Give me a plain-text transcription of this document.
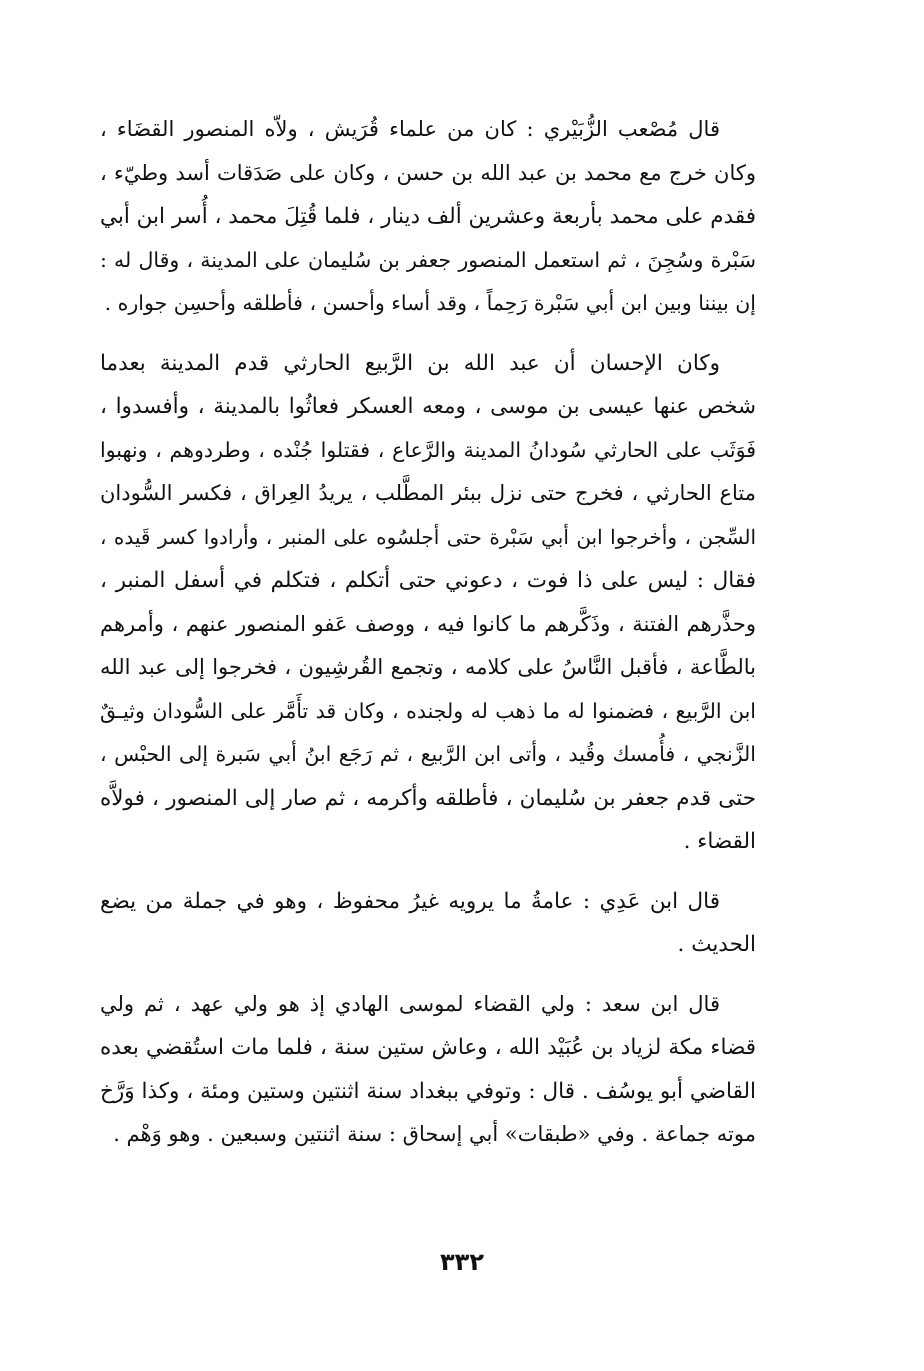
قال مُصْعب الزُّبَيْري : كان من علماء قُرَيش ، ولاّه المنصور القضَاء ،
وكان خرج مع محمد بن عبد الله بن حسن ، وكان على صَدَقات أسد وطيّء ،
فقدم على محمد بأربعة وعشرين ألف دينار ، فلما قُتِلَ محمد ، أُسر ابن أبي
سَبْرة وسُجِنَ ، ثم استعمل المنصور جعفر بن سُليمان على المدينة ، وقال له :
إن بيننا وبين ابن أبي سَبْرة رَحِماً ، وقد أساء وأحسن ، فأطلقه وأحسِن جواره .

وكان الإحسان أن عبد الله بن الرَّبيع الحارثي قدم المدينة بعدما
شخص عنها عيسى بن موسى ، ومعه العسكر فعاثُوا بالمدينة ، وأفسدوا ،
فَوَثَب على الحارثي سُودانُ المدينة والرَّعاع ، فقتلوا جُنْده ، وطردوهم ، ونهبوا
متاع الحارثي ، فخرج حتى نزل ببئر المطَّلب ، يريدُ العِراق ، فكسر السُّودان
السِّجن ، وأخرجوا ابن أبي سَبْرة حتى أجلسُوه على المنبر ، وأرادوا كسر قَيده ،
فقال : ليس على ذا فوت ، دعوني حتى أتكلم ، فتكلم في أسفل المنبر ،
وحذَّرهم الفتنة ، وذَكَّرهم ما كانوا فيه ، ووصف عَفو المنصور عنهم ، وأمرهم
بالطَّاعة ، فأقبل النَّاسُ على كلامه ، وتجمع القُرشِيون ، فخرجوا إلى عبد الله
ابن الرَّبيع ، فضمنوا له ما ذهب له ولجنده ، وكان قد تأَمَّر على السُّودان وثيـقٌ
الزَّنجي ، فأُمسك وقُيد ، وأتى ابن الرَّبيع ، ثم رَجَع ابنُ أبي سَبرة إلى الحبْس ،
حتى قدم جعفر بن سُليمان ، فأطلقه وأكرمه ، ثم صار إلى المنصور ، فولاَّه
القضاء .

قال ابن عَدِي : عامةُ ما يرويه غيرُ محفوظ ، وهو في جملة من يضع
الحديث .

قال ابن سعد : ولي القضاء لموسى الهادي إذ هو ولي عهد ، ثم ولي
قضاء مكة لزياد بن عُبَيْد الله ، وعاش ستين سنة ، فلما مات استُقضي بعده
القاضي أبو يوسُف . قال : وتوفي ببغداد سنة اثنتين وستين ومئة ، وكذا وَرَّخ
موته جماعة . وفي «طبقات» أبي إسحاق : سنة اثنتين وسبعين . وهو وَهْم .

٣٣٢
